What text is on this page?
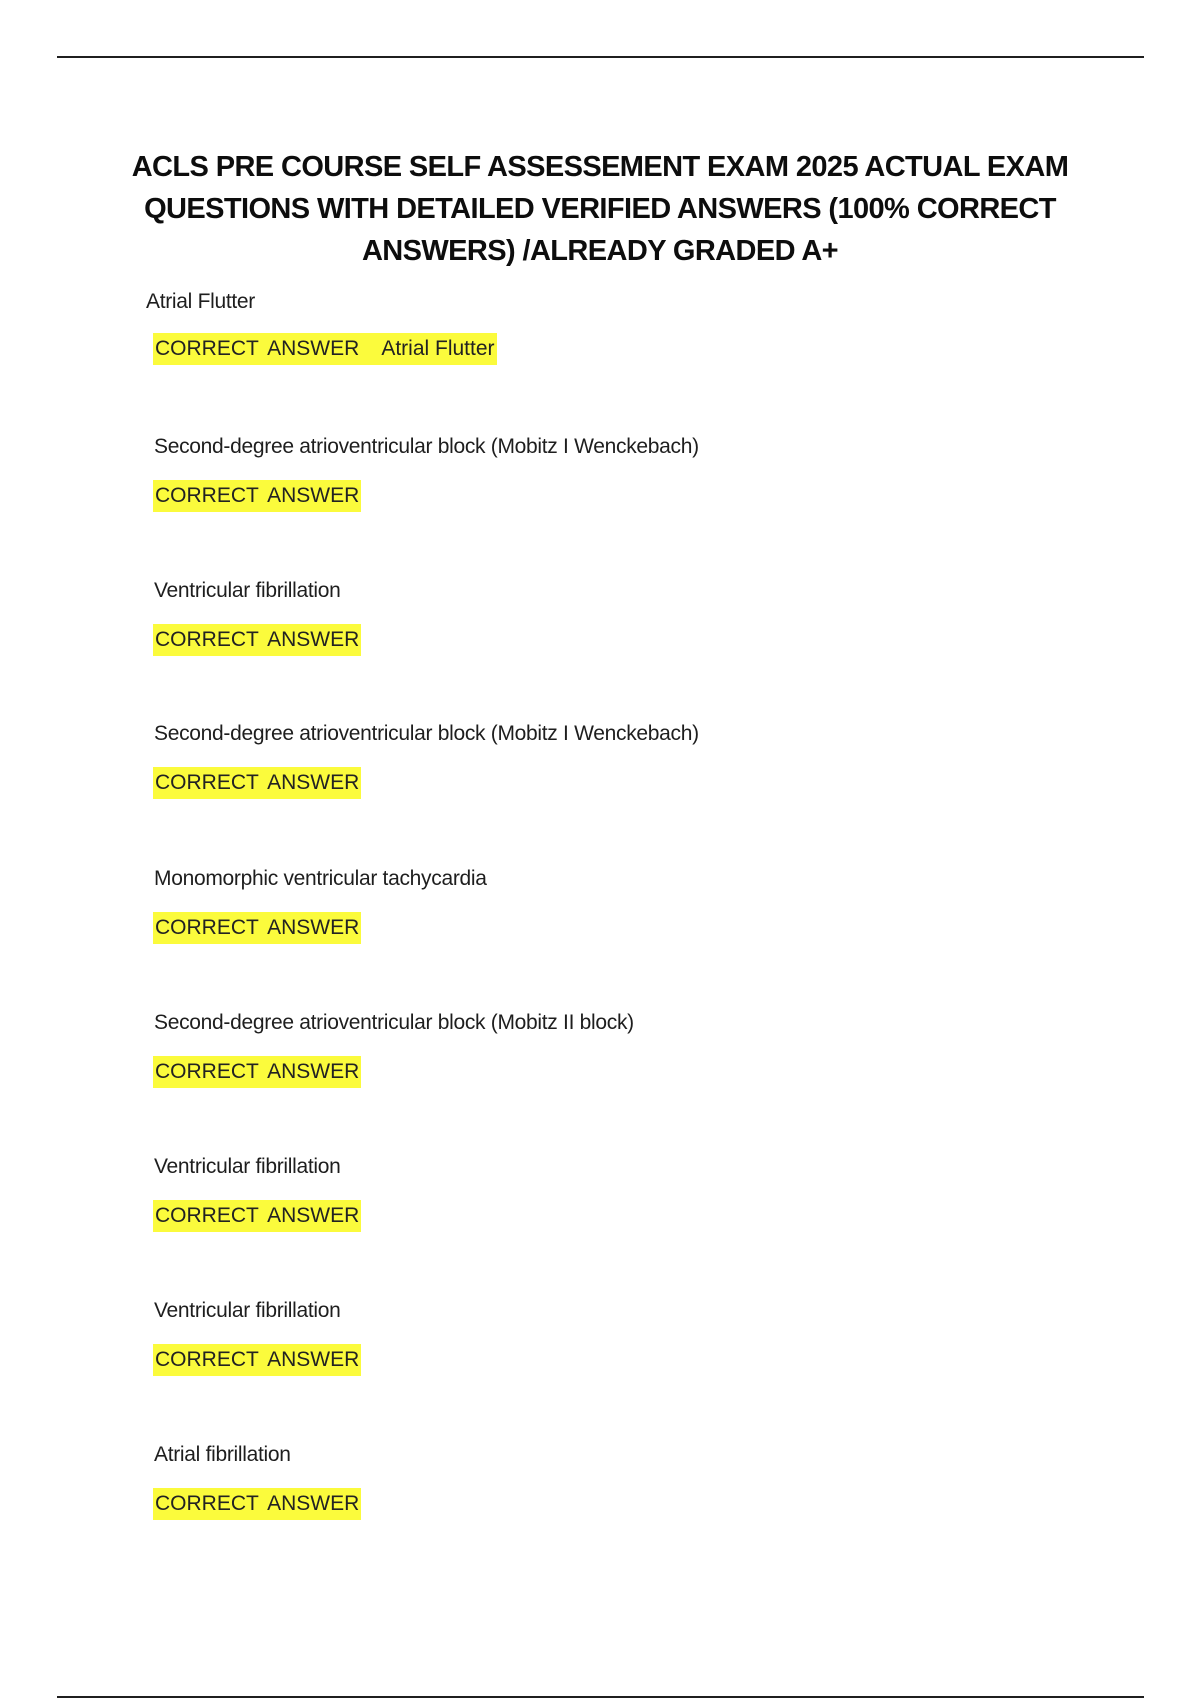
ACLS PRE COURSE SELF ASSESSEMENT EXAM 2025 ACTUAL EXAM QUESTIONS WITH DETAILED VERIFIED ANSWERS (100% CORRECT ANSWERS) /ALREADY GRADED A+
Atrial Flutter
CORRECT ANSWER Atrial Flutter
Second-degree atrioventricular block (Mobitz I Wenckebach)
CORRECT ANSWER
Ventricular fibrillation
CORRECT ANSWER
Second-degree atrioventricular block (Mobitz I Wenckebach)
CORRECT ANSWER
Monomorphic ventricular tachycardia
CORRECT ANSWER
Second-degree atrioventricular block (Mobitz II block)
CORRECT ANSWER
Ventricular fibrillation
CORRECT ANSWER
Ventricular fibrillation
CORRECT ANSWER
Atrial fibrillation
CORRECT ANSWER
